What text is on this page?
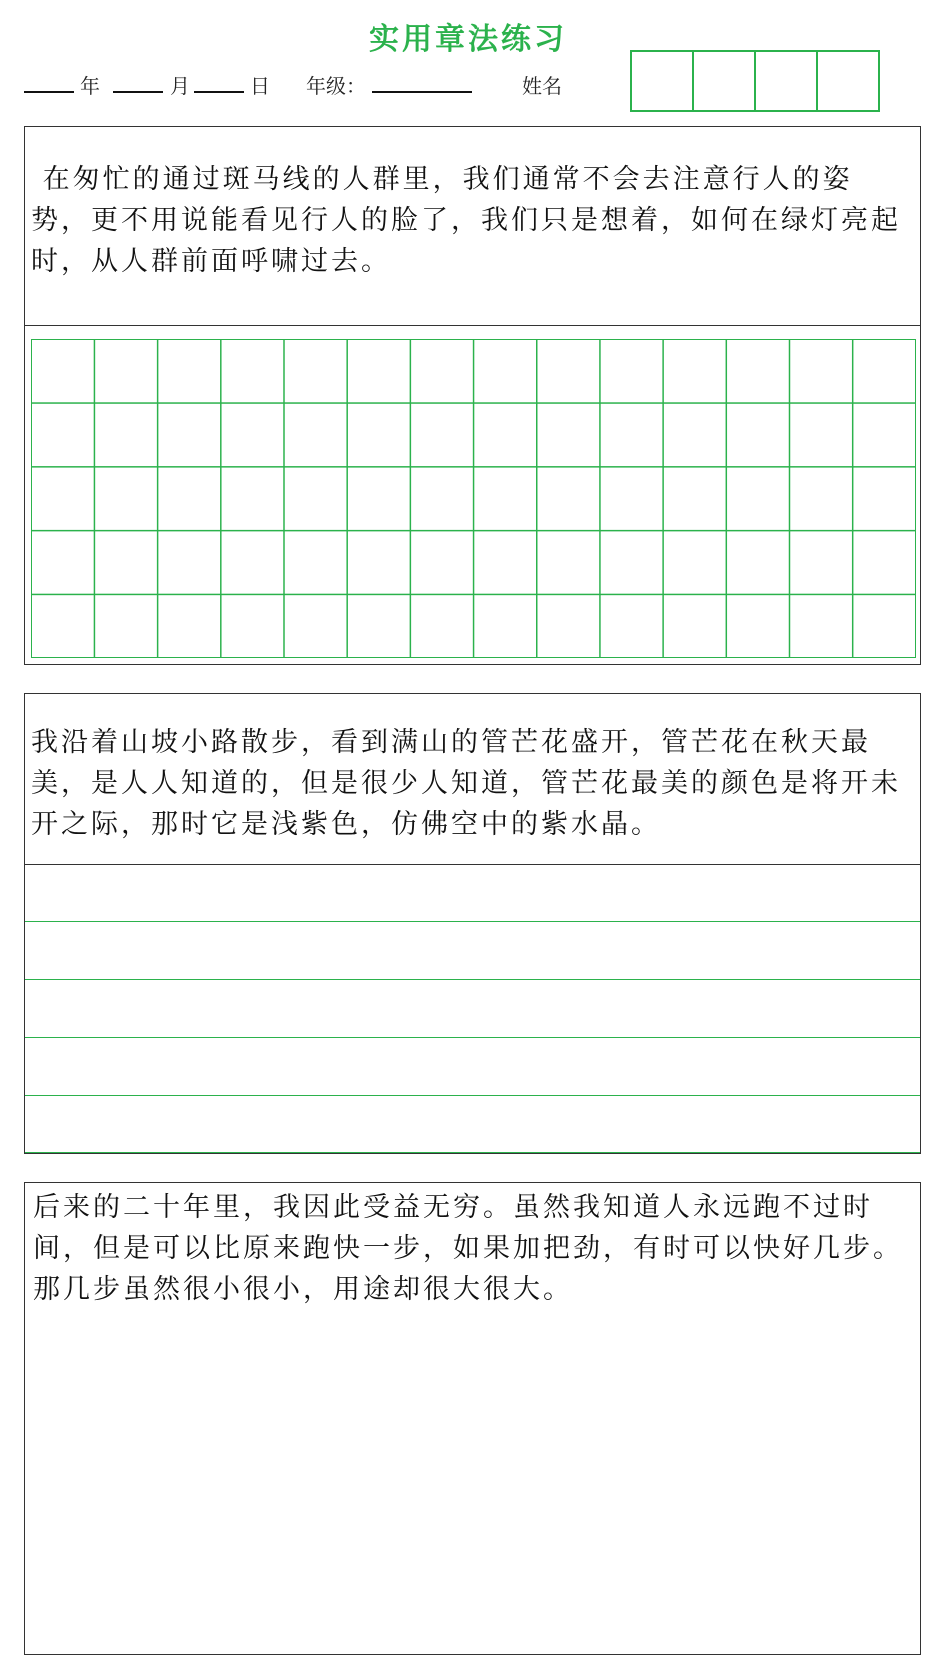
实用章法练习
年	月	日 年级：	姓名
在匆忙的通过斑马线的人群里，我们通常不会去注意行人的姿势，更不用说能看见行人的脸了，我们只是想着，如何在绿灯亮起时，从人群前面呼啸过去。
我沿着山坡小路散步，看到满山的管芒花盛开，管芒花在秋天最美，是人人知道的，但是很少人知道，管芒花最美的颜色是将开未开之际，那时它是浅紫色，仿佛空中的紫水晶。
后来的二十年里，我因此受益无穷。虽然我知道人永远跑不过时间，但是可以比原来跑快一步，如果加把劲，有时可以快好几步。那几步虽然很小很小，用途却很大很大。
